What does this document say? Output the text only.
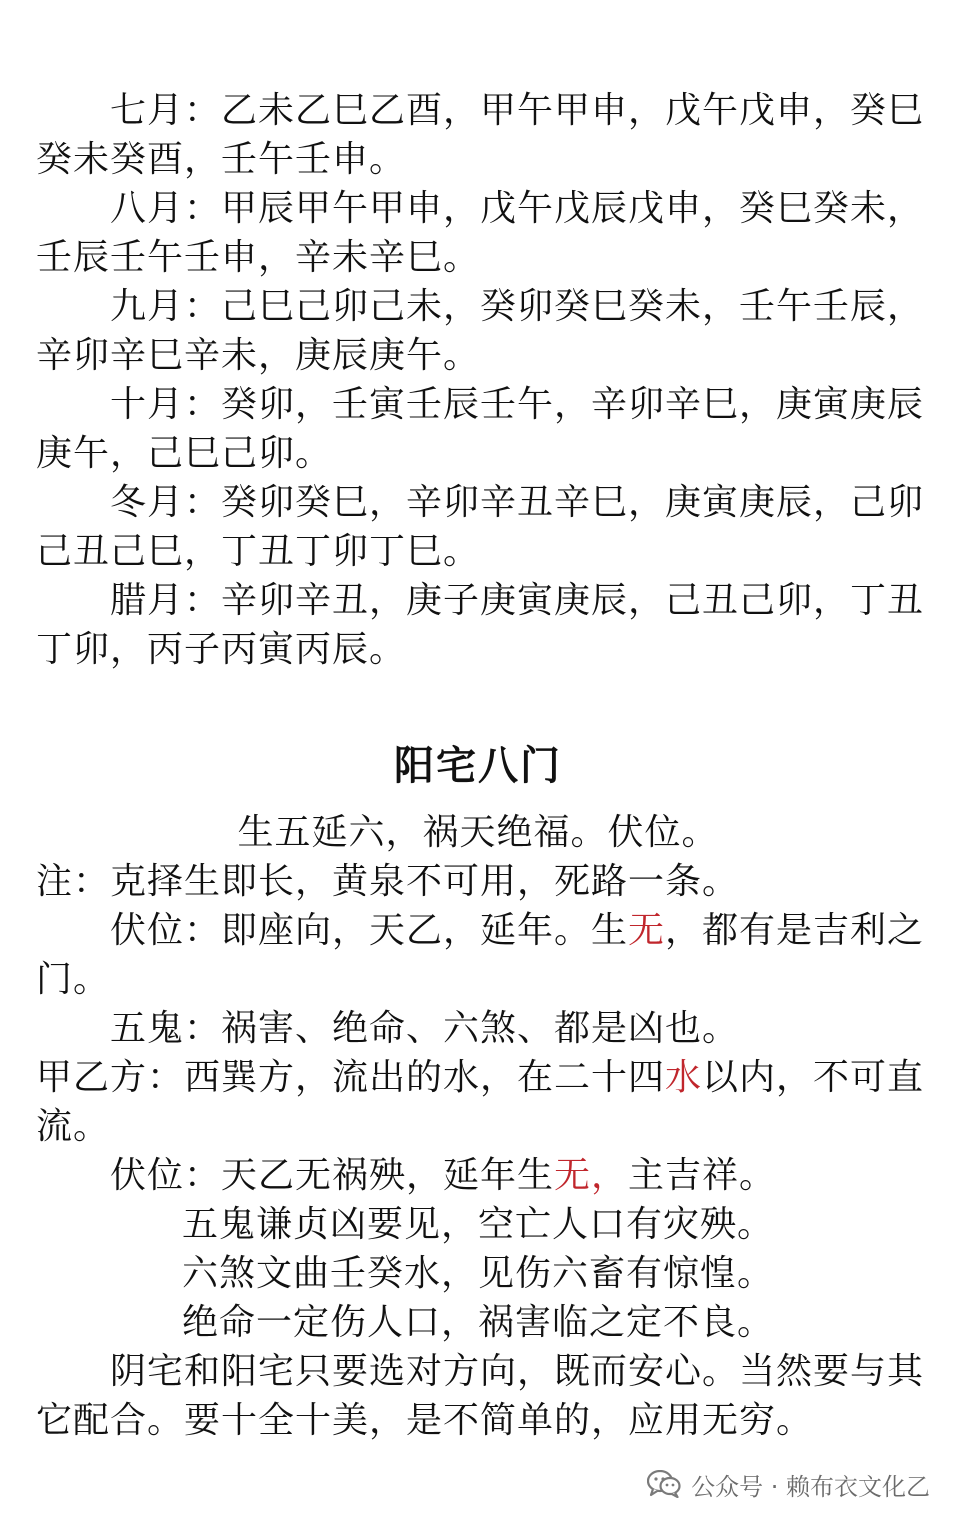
七月：乙未乙巳乙酉，甲午甲申，戊午戊申，癸巳
癸未癸酉，壬午壬申。
八月：甲辰甲午甲申，戊午戊辰戊申，癸巳癸未，
壬辰壬午壬申，辛未辛巳。
九月：己巳己卯己未，癸卯癸巳癸未，壬午壬辰，
辛卯辛巳辛未，庚辰庚午。
十月：癸卯，壬寅壬辰壬午，辛卯辛巳，庚寅庚辰
庚午，己巳己卯。
冬月：癸卯癸巳，辛卯辛丑辛巳，庚寅庚辰，己卯
己丑己巳，丁丑丁卯丁巳。
腊月：辛卯辛丑，庚子庚寅庚辰，己丑己卯，丁丑
丁卯，丙子丙寅丙辰。
阳宅八门
生五延六，祸天绝福。伏位。
注：克择生即长，黄泉不可用，死路一条。
伏位：即座向，天乙，延年。生无，都有是吉利之
门。
五鬼：祸害、绝命、六煞、都是凶也。
甲乙方：西巽方，流出的水，在二十四水以内，不可直
流。
伏位：天乙无祸殃，延年生无，主吉祥。
五鬼谦贞凶要见，空亡人口有灾殃。
六煞文曲壬癸水，见伤六畜有惊惶。
绝命一定伤人口，祸害临之定不良。
阴宅和阳宅只要选对方向，既而安心。当然要与其
它配合。要十全十美，是不简单的，应用无穷。
公众号 · 赖布衣文化乙
